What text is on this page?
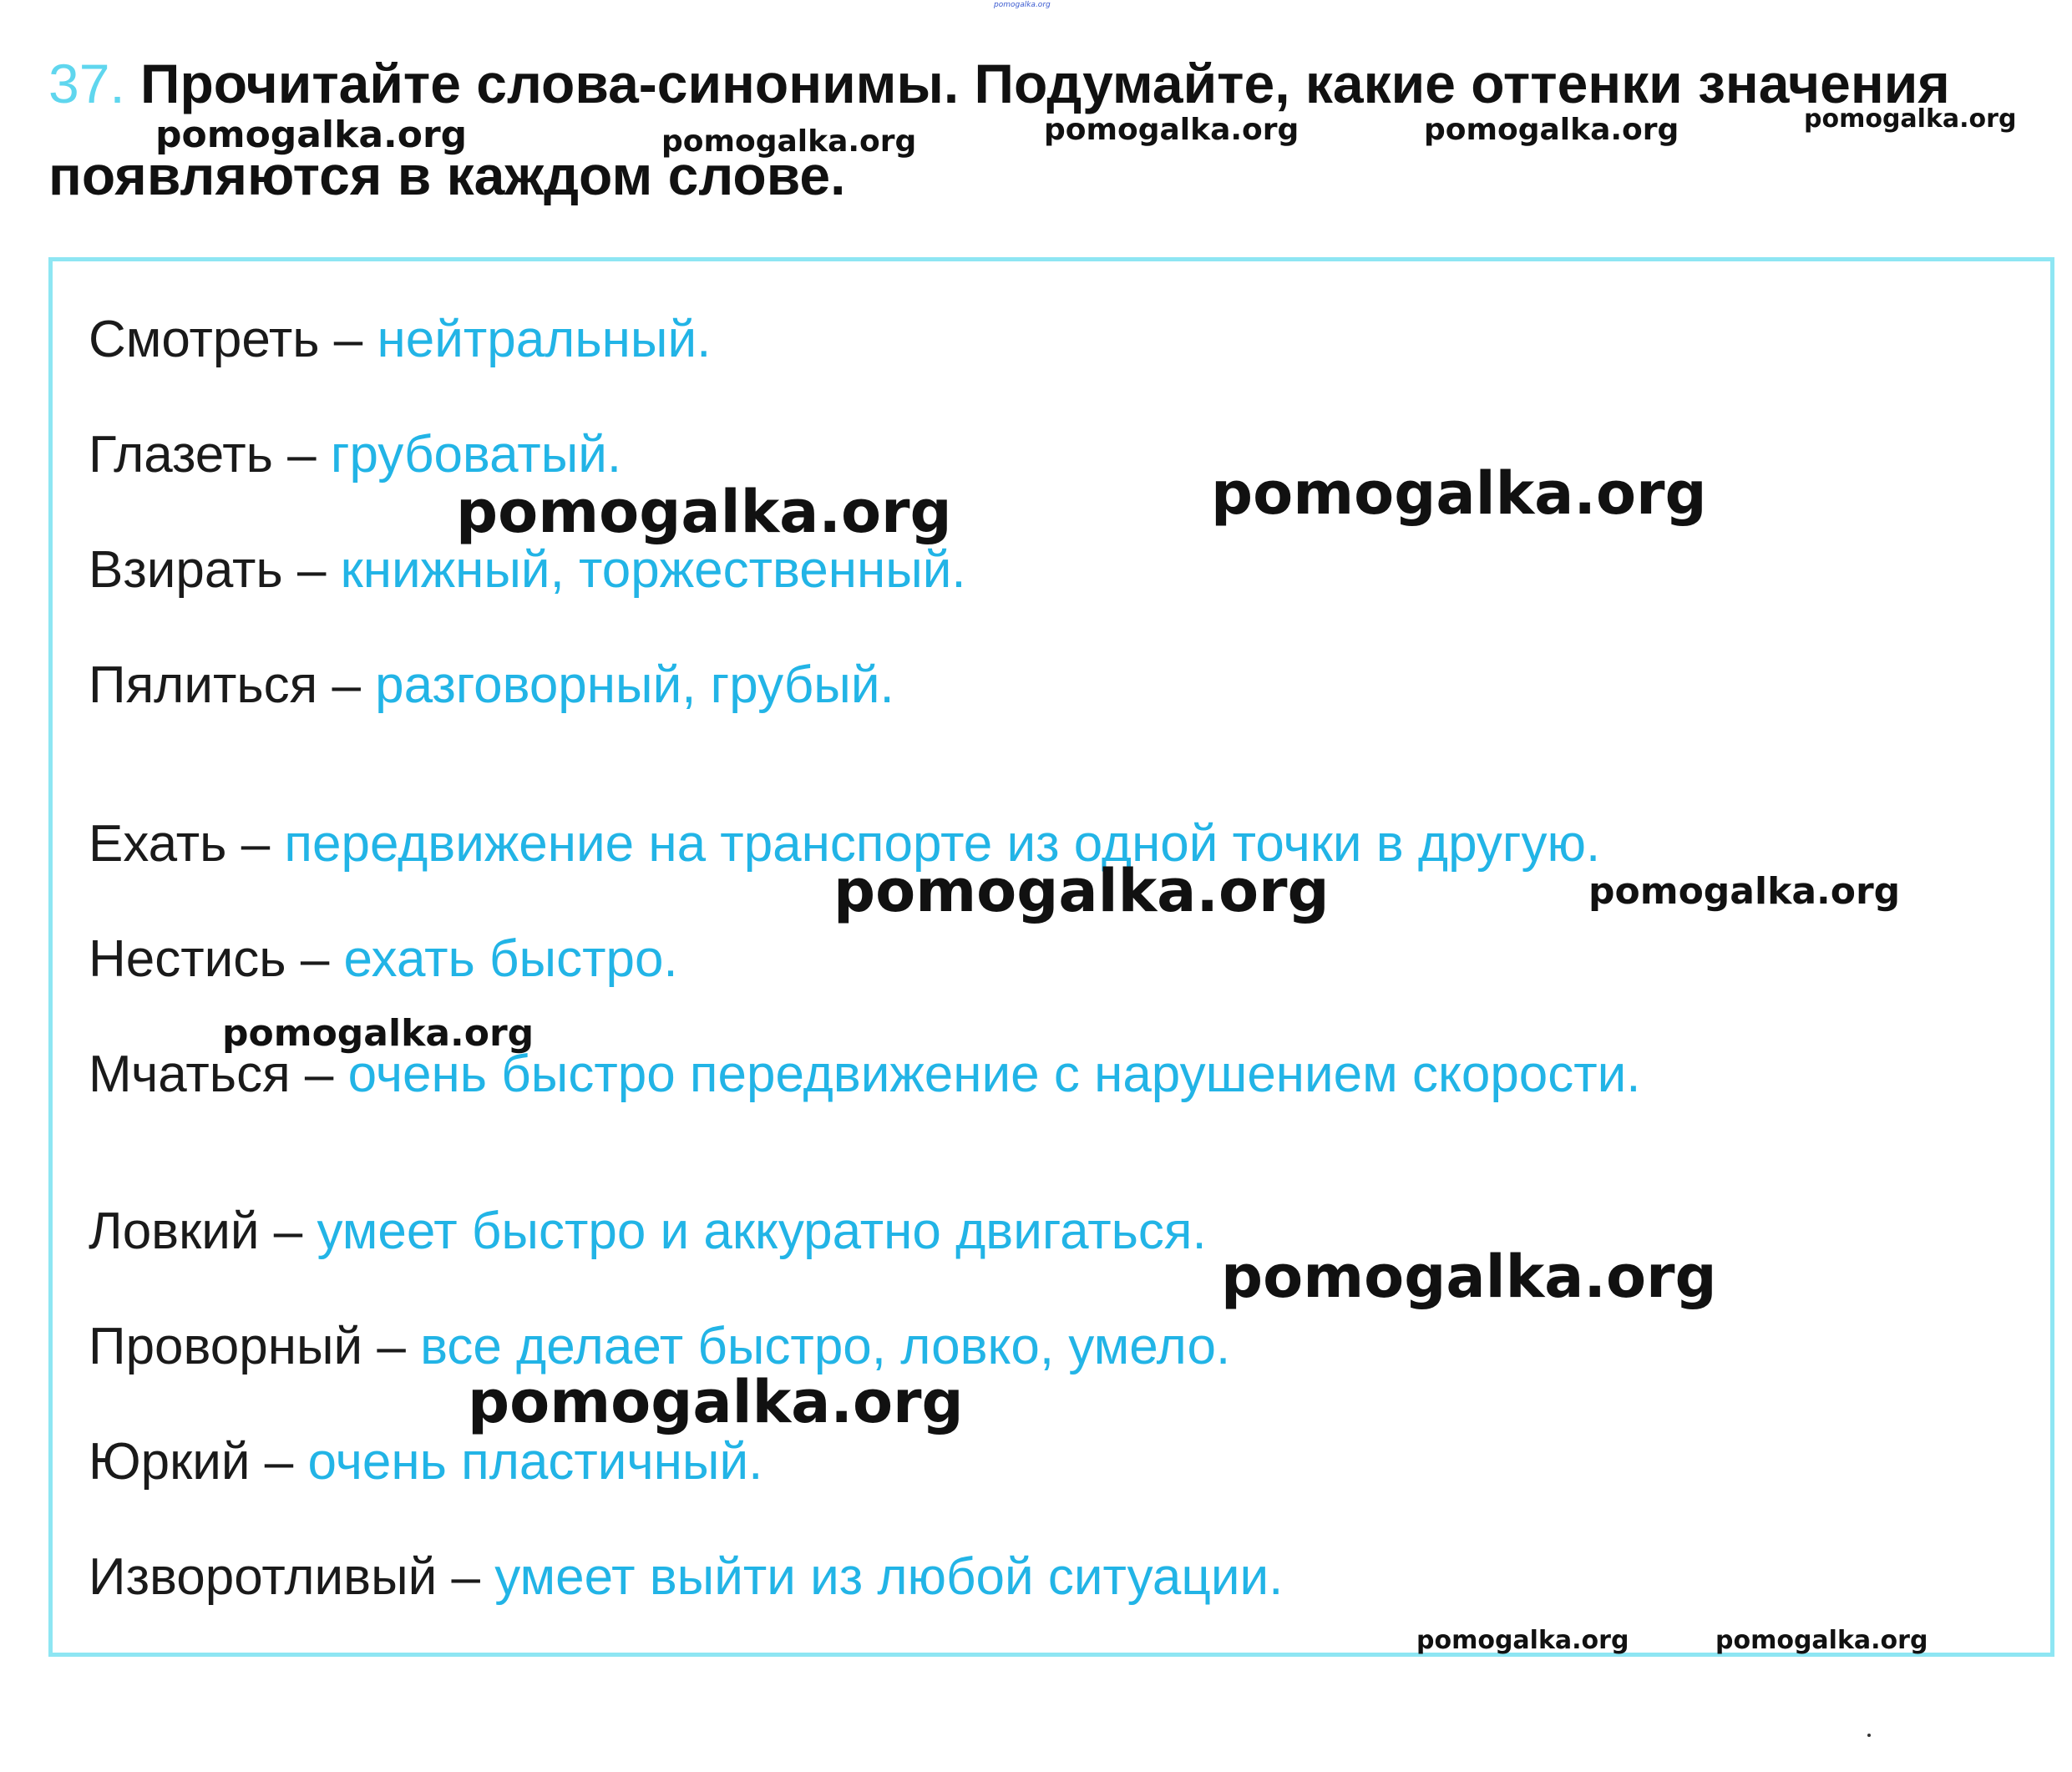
pomogalka.org
37. Прочитайте слова-синонимы. Подумайте, какие оттенки значения
появляются в каждом слове.
pomogalka.org	pomogalka.org	pomogalka.org	pomogalka.org	pomogalka.org
Смотреть – нейтральный.
Глазеть – грубоватый.
Взирать – книжный, торжественный.
Пялиться – разговорный, грубый.
Ехать – передвижение на транспорте из одной точки в другую.
Нестись – ехать быстро.
Мчаться – очень быстро передвижение с нарушением скорости.
Ловкий – умеет быстро и аккуратно двигаться.
Проворный – все делает быстро, ловко, умело.
Юркий – очень пластичный.
Изворотливый – умеет выйти из любой ситуации.
pomogalka.org	pomogalka.org
pomogalka.org	pomogalka.org
pomogalka.org
pomogalka.org
pomogalka.org
pomogalka.org	pomogalka.org
